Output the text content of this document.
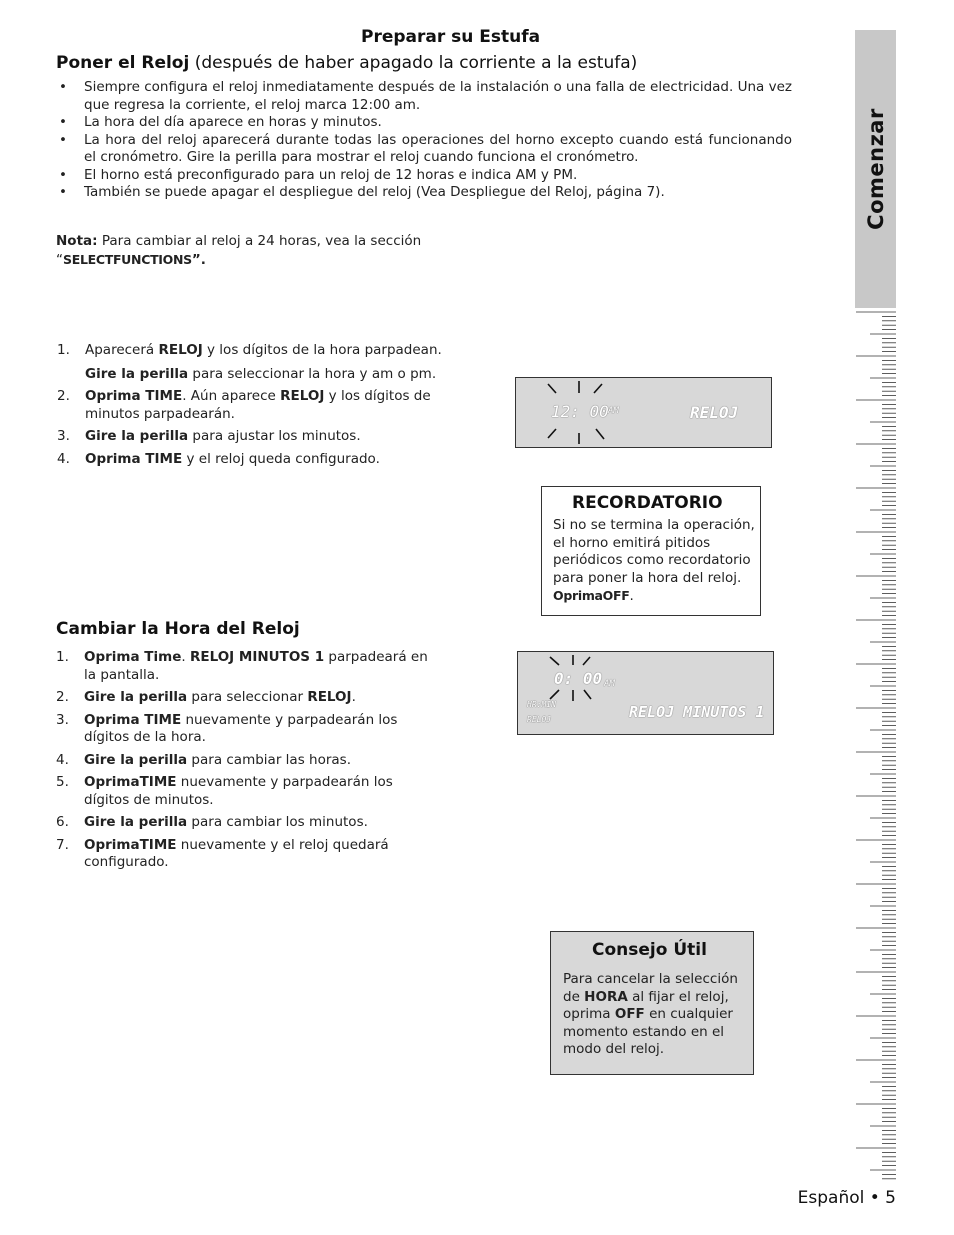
Preparar su Estufa
Poner el Reloj (después de haber apagado la corriente a la estufa)
• Siempre configura el reloj inmediatamente después de la instalación o una falla de electricidad. Una vez que regresa la corriente, el reloj marca 12:00 am.
• La hora del día aparece en horas y minutos.
• La hora del reloj aparecerá durante todas las operaciones del horno excepto cuando está funcionando el cronómetro. Gire la perilla para mostrar el reloj cuando funciona el cronómetro.
• El horno está preconfigurado para un reloj de 12 horas e indica AM y PM.
• También se puede apagar el despliegue del reloj (Vea Despliegue del Reloj, página 7).
Nota: Para cambiar al reloj a 24 horas, vea la sección
“SELECTFUNCTIONS”.
1. Aparecerá RELOJ y los dígitos de la hora parpadean.
Gire la perilla para seleccionar la hora y am o pm.
2. Oprima TIME. Aún aparece RELOJ y los dígitos de minutos parpadearán.
3. Gire la perilla para ajustar los minutos.
4. Oprima TIME y el reloj queda configurado.
12: 00 AM	RELOJ
RECORDATORIO
Si no se termina la operación, el horno emitirá pitidos periódicos como recordatorio para poner la hora del reloj. OprimaOFF.
Cambiar la Hora del Reloj
1. Oprima Time. RELOJ MINUTOS 1 parpadeará en la pantalla.
2. Gire la perilla para seleccionar RELOJ.
3. Oprima TIME nuevamente y parpadearán los dígitos de la hora.
4. Gire la perilla para cambiar las horas.
5. OprimaTIME nuevamente y parpadearán los dígitos de minutos.
6. Gire la perilla para cambiar los minutos.
7. OprimaTIME nuevamente y el reloj quedará configurado.
0: 00 AM
HR:MIN
RELOJ	RELOJ MINUTOS 1
Consejo Útil
Para cancelar la selección de HORA al fijar el reloj, oprima OFF en cualquier momento estando en el modo del reloj.
Comenzar
Español • 5
